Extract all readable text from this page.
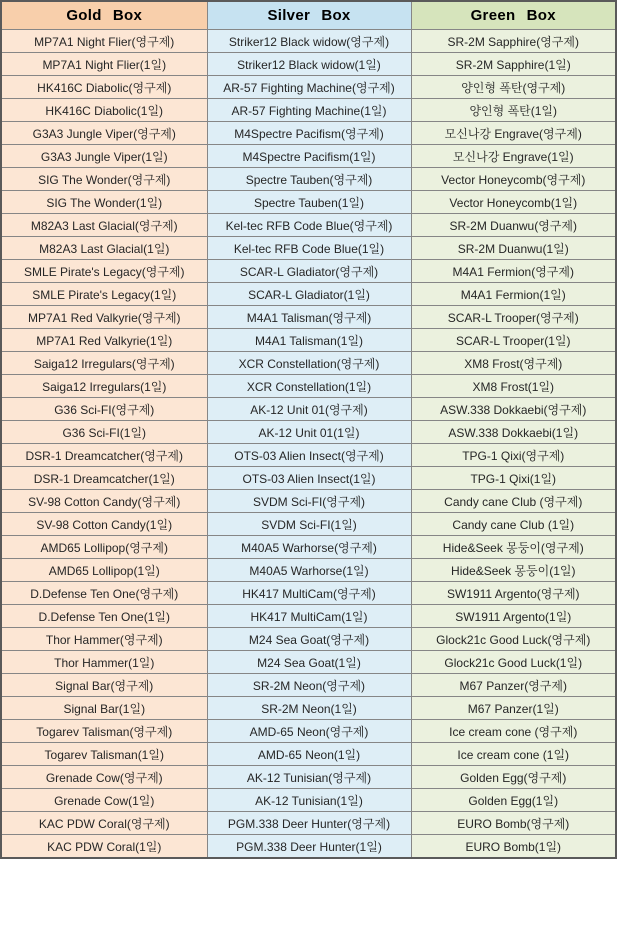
Gold Box	Silver Box	Green Box
MP7A1 Night Flier(영구제)	Striker12 Black widow(영구제)	SR-2M Sapphire(영구제)
MP7A1 Night Flier(1일)	Striker12 Black widow(1일)	SR-2M Sapphire(1일)
HK416C Diabolic(영구제)	AR-57 Fighting Machine(영구제)	양인형 폭탄(영구제)
HK416C Diabolic(1일)	AR-57 Fighting Machine(1일)	양인형 폭탄(1일)
G3A3 Jungle Viper(영구제)	M4Spectre Pacifism(영구제)	모신나강 Engrave(영구제)
G3A3 Jungle Viper(1일)	M4Spectre Pacifism(1일)	모신나강 Engrave(1일)
SIG The Wonder(영구제)	Spectre Tauben(영구제)	Vector Honeycomb(영구제)
SIG The Wonder(1일)	Spectre Tauben(1일)	Vector Honeycomb(1일)
M82A3 Last Glacial(영구제)	Kel-tec RFB Code Blue(영구제)	SR-2M Duanwu(영구제)
M82A3 Last Glacial(1일)	Kel-tec RFB Code Blue(1일)	SR-2M Duanwu(1일)
SMLE Pirate's Legacy(영구제)	SCAR-L Gladiator(영구제)	M4A1 Fermion(영구제)
SMLE Pirate's Legacy(1일)	SCAR-L Gladiator(1일)	M4A1 Fermion(1일)
MP7A1 Red Valkyrie(영구제)	M4A1 Talisman(영구제)	SCAR-L Trooper(영구제)
MP7A1 Red Valkyrie(1일)	M4A1 Talisman(1일)	SCAR-L Trooper(1일)
Saiga12 Irregulars(영구제)	XCR Constellation(영구제)	XM8 Frost(영구제)
Saiga12 Irregulars(1일)	XCR Constellation(1일)	XM8 Frost(1일)
G36 Sci-FI(영구제)	AK-12 Unit 01(영구제)	ASW.338 Dokkaebi(영구제)
G36 Sci-FI(1일)	AK-12 Unit 01(1일)	ASW.338 Dokkaebi(1일)
DSR-1 Dreamcatcher(영구제)	OTS-03 Alien Insect(영구제)	TPG-1 Qixi(영구제)
DSR-1 Dreamcatcher(1일)	OTS-03 Alien Insect(1일)	TPG-1 Qixi(1일)
SV-98 Cotton Candy(영구제)	SVDM Sci-FI(영구제)	Candy cane Club (영구제)
SV-98 Cotton Candy(1일)	SVDM Sci-FI(1일)	Candy cane Club (1일)
AMD65 Lollipop(영구제)	M40A5 Warhorse(영구제)	Hide&Seek 몽둥이(영구제)
AMD65 Lollipop(1일)	M40A5 Warhorse(1일)	Hide&Seek 몽둥이(1일)
D.Defense Ten One(영구제)	HK417 MultiCam(영구제)	SW1911 Argento(영구제)
D.Defense Ten One(1일)	HK417 MultiCam(1일)	SW1911 Argento(1일)
Thor Hammer(영구제)	M24 Sea Goat(영구제)	Glock21c Good Luck(영구제)
Thor Hammer(1일)	M24 Sea Goat(1일)	Glock21c Good Luck(1일)
Signal Bar(영구제)	SR-2M Neon(영구제)	M67 Panzer(영구제)
Signal Bar(1일)	SR-2M Neon(1일)	M67 Panzer(1일)
Togarev Talisman(영구제)	AMD-65 Neon(영구제)	Ice cream cone (영구제)
Togarev Talisman(1일)	AMD-65 Neon(1일)	Ice cream cone (1일)
Grenade Cow(영구제)	AK-12 Tunisian(영구제)	Golden Egg(영구제)
Grenade Cow(1일)	AK-12 Tunisian(1일)	Golden Egg(1일)
KAC PDW Coral(영구제)	PGM.338 Deer Hunter(영구제)	EURO Bomb(영구제)
KAC PDW Coral(1일)	PGM.338 Deer Hunter(1일)	EURO Bomb(1일)
